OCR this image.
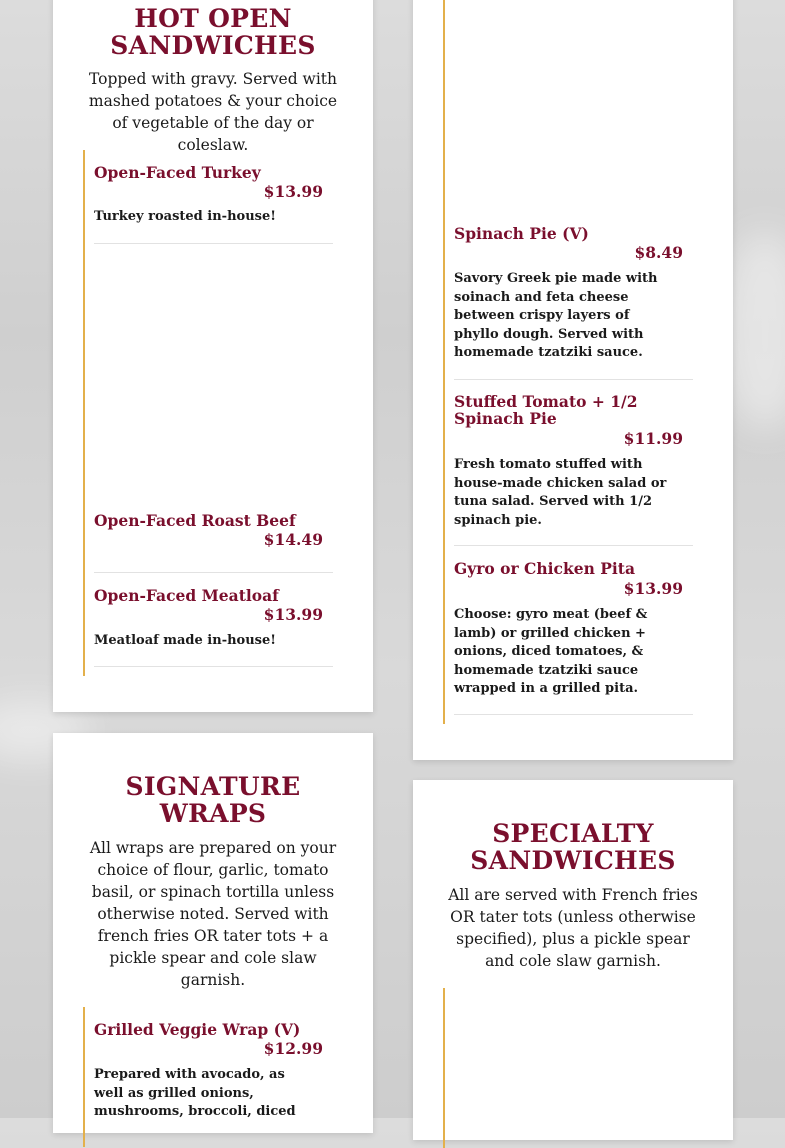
HOT OPEN SANDWICHES

Topped with gravy. Served with mashed potatoes & your choice of vegetable of the day or coleslaw.

Open-Faced Turkey
$13.99

Turkey roasted in-house!

Open-Faced Roast Beef
$14.49
Open-Faced Meatloaf
$13.99

Meatloaf made in-house!

Spinach Pie (V)
$8.49

Savory Greek pie made with soinach and feta cheese between crispy layers of phyllo dough. Served with homemade tzatziki sauce.

Stuffed Tomato + 1/2 Spinach Pie
$11.99

Fresh tomato stuffed with house-made chicken salad or tuna salad. Served with 1/2 spinach pie.

Gyro or Chicken Pita
$13.99

Choose: gyro meat (beef & lamb) or grilled chicken + onions, diced tomatoes, & homemade tzatziki sauce wrapped in a grilled pita.

SIGNATURE WRAPS

All wraps are prepared on your choice of flour, garlic, tomato basil, or spinach tortilla unless otherwise noted. Served with french fries OR tater tots + a pickle spear and cole slaw garnish.

Grilled Veggie Wrap (V)
$12.99

Prepared with avocado, as well as grilled onions, mushrooms, broccoli, diced

SPECIALTY SANDWICHES

All are served with French fries OR tater tots (unless otherwise specified), plus a pickle spear and cole slaw garnish.
